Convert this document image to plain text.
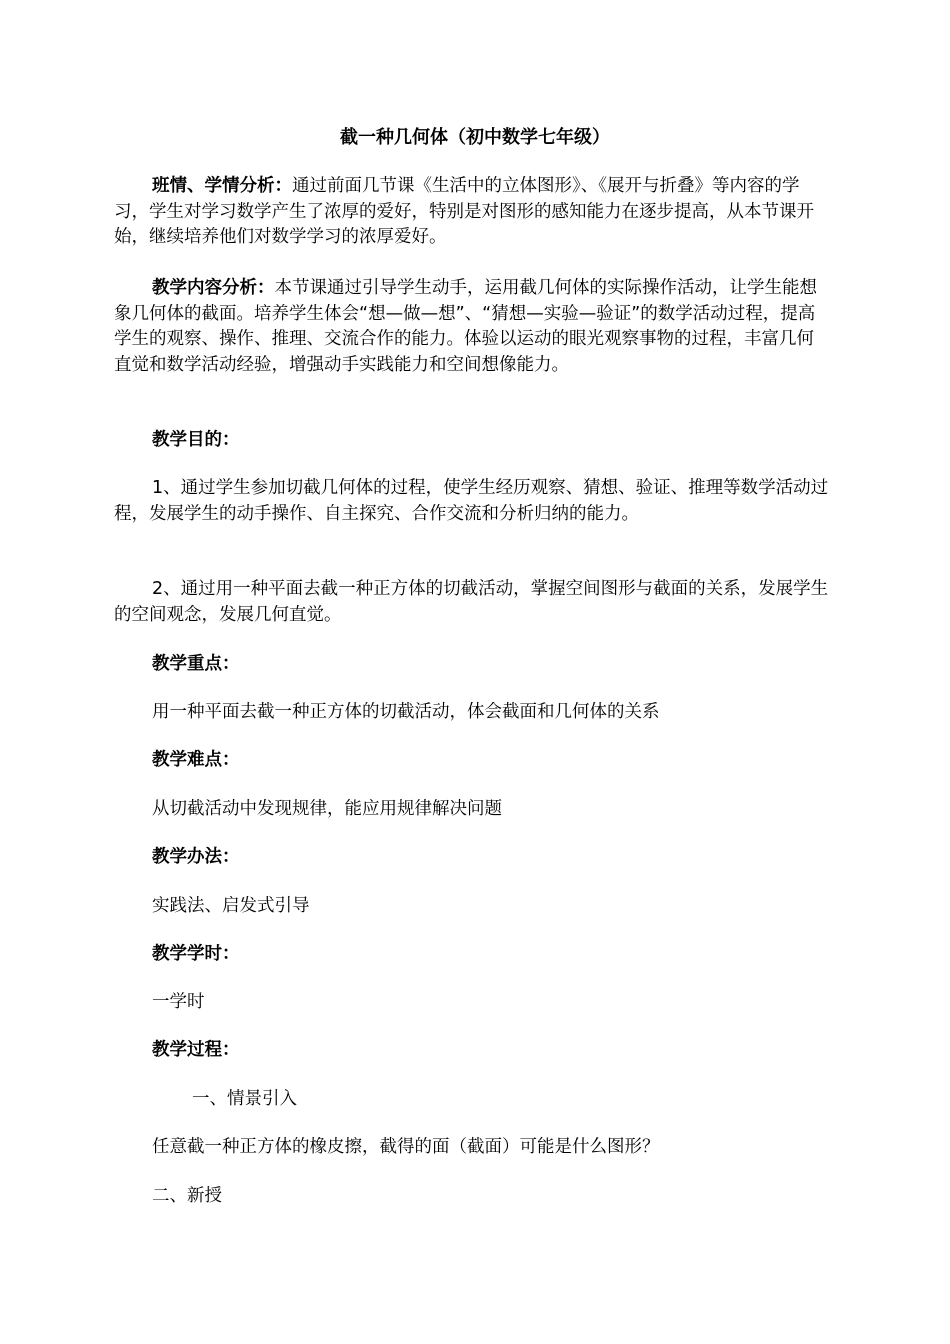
截一种几何体（初中数学七年级）

班情、学情分析：通过前面几节课《生活中的立体图形》、《展开与折叠》等内容的学习，学生对学习数学产生了浓厚的爱好，特别是对图形的感知能力在逐步提高，从本节课开始，继续培养他们对数学学习的浓厚爱好。

教学内容分析：本节课通过引导学生动手，运用截几何体的实际操作活动，让学生能想象几何体的截面。培养学生体会“想—做—想”、“猜想—实验—验证”的数学活动过程，提高学生的观察、操作、推理、交流合作的能力。体验以运动的眼光观察事物的过程，丰富几何直觉和数学活动经验，增强动手实践能力和空间想像能力。

教学目的：

1、通过学生参加切截几何体的过程，使学生经历观察、猜想、验证、推理等数学活动过程，发展学生的动手操作、自主探究、合作交流和分析归纳的能力。

2、通过用一种平面去截一种正方体的切截活动，掌握空间图形与截面的关系，发展学生的空间观念，发展几何直觉。

教学重点：
用一种平面去截一种正方体的切截活动，体会截面和几何体的关系
教学难点：
从切截活动中发现规律，能应用规律解决问题
教学办法：
实践法、启发式引导
教学学时：
一学时
教学过程：
一、情景引入
任意截一种正方体的橡皮擦，截得的面（截面）可能是什么图形？
二、新授
